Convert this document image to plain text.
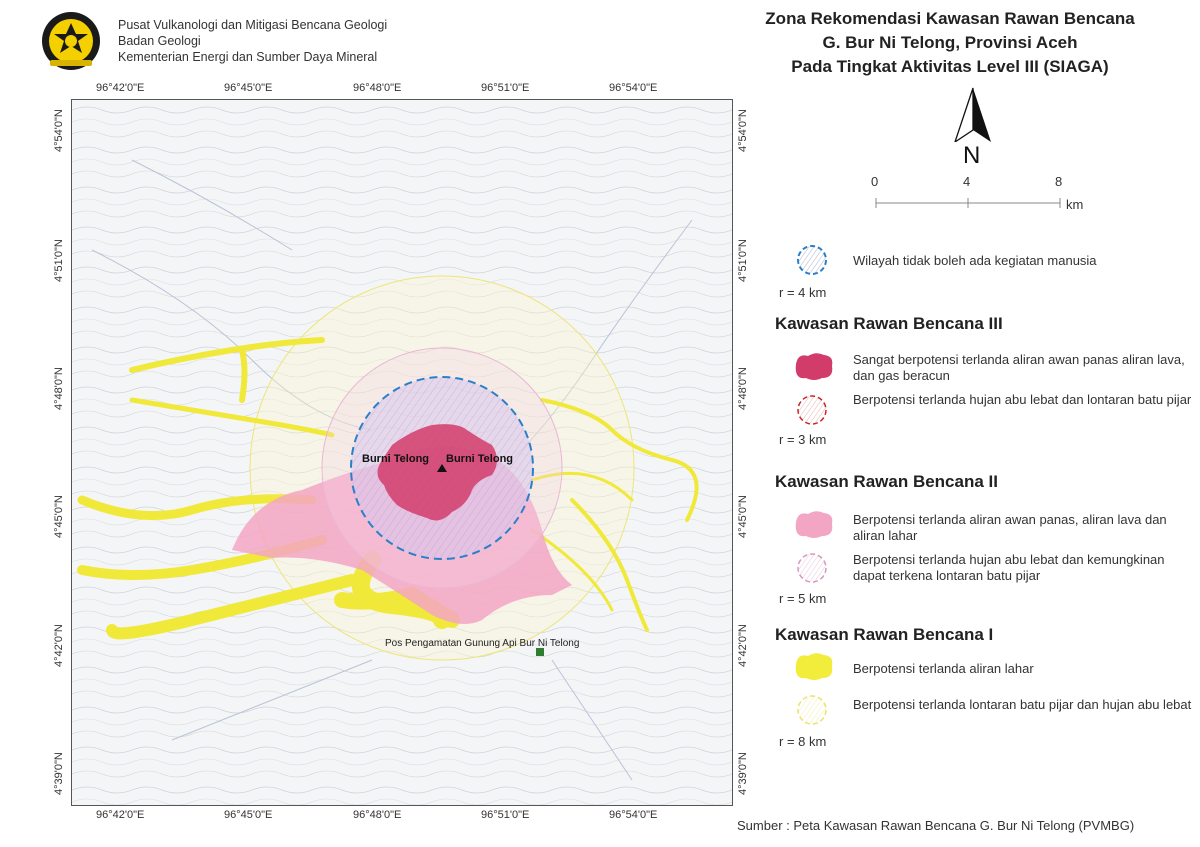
Pusat Vulkanologi dan Mitigasi Bencana Geologi
Badan Geologi
Kementerian Energi dan Sumber Daya Mineral
Zona Rekomendasi Kawasan Rawan Bencana
G. Bur Ni Telong, Provinsi Aceh
Pada Tingkat Aktivitas Level III (SIAGA)
96°42'0"E	96°45'0"E	96°48'0"E	96°51'0"E	96°54'0"E
96°42'0"E	96°45'0"E	96°48'0"E	96°51'0"E	96°54'0"E
4°54'0"N
4°51'0"N
4°48'0"N
4°45'0"N
4°42'0"N
4°39'0"N
4°54'0"N
4°51'0"N
4°48'0"N
4°45'0"N
4°42'0"N
4°39'0"N
Burni Telong Burni Telong
Pos Pengamatan Gunung Api Bur Ni Telong
N
0	4	8
km
Wilayah tidak boleh ada kegiatan manusia
r = 4 km
Kawasan Rawan Bencana III
Sangat berpotensi terlanda aliran awan panas aliran lava, dan gas beracun
Berpotensi terlanda hujan abu lebat dan lontaran batu pijar
r = 3 km
Kawasan Rawan Bencana II
Berpotensi terlanda aliran awan panas, aliran lava dan aliran lahar
Berpotensi terlanda hujan abu lebat dan kemungkinan dapat terkena lontaran batu pijar
r = 5 km
Kawasan Rawan Bencana I
Berpotensi terlanda aliran lahar
Berpotensi terlanda lontaran batu pijar dan hujan abu lebat
r = 8 km
Sumber : Peta Kawasan Rawan Bencana G. Bur Ni Telong (PVMBG)
